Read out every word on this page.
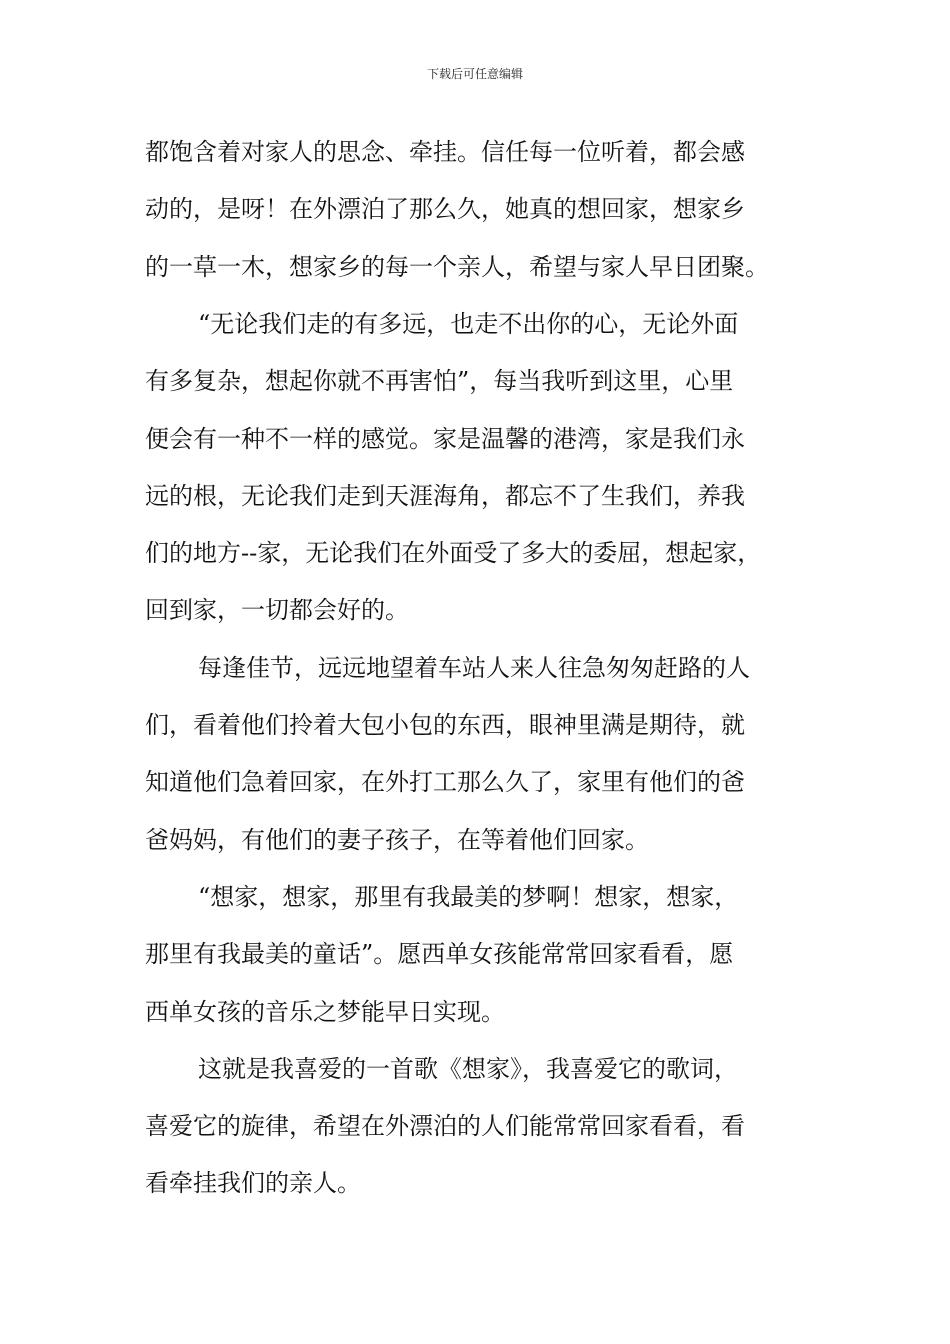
下载后可任意编辑
都饱含着对家人的思念、牵挂。信任每一位听着，都会感
动的，是呀！在外漂泊了那么久，她真的想回家，想家乡
的一草一木，想家乡的每一个亲人，希望与家人早日团聚。
“无论我们走的有多远，也走不出你的心，无论外面
有多复杂，想起你就不再害怕”，每当我听到这里，心里
便会有一种不一样的感觉。家是温馨的港湾，家是我们永
远的根，无论我们走到天涯海角，都忘不了生我们，养我
们的地方--家，无论我们在外面受了多大的委屈，想起家，
回到家，一切都会好的。
每逢佳节，远远地望着车站人来人往急匆匆赶路的人
们，看着他们拎着大包小包的东西，眼神里满是期待，就
知道他们急着回家，在外打工那么久了，家里有他们的爸
爸妈妈，有他们的妻子孩子，在等着他们回家。
“想家，想家，那里有我最美的梦啊！想家，想家，
那里有我最美的童话”。愿西单女孩能常常回家看看，愿
西单女孩的音乐之梦能早日实现。
这就是我喜爱的一首歌《想家》，我喜爱它的歌词，
喜爱它的旋律，希望在外漂泊的人们能常常回家看看，看
看牵挂我们的亲人。
